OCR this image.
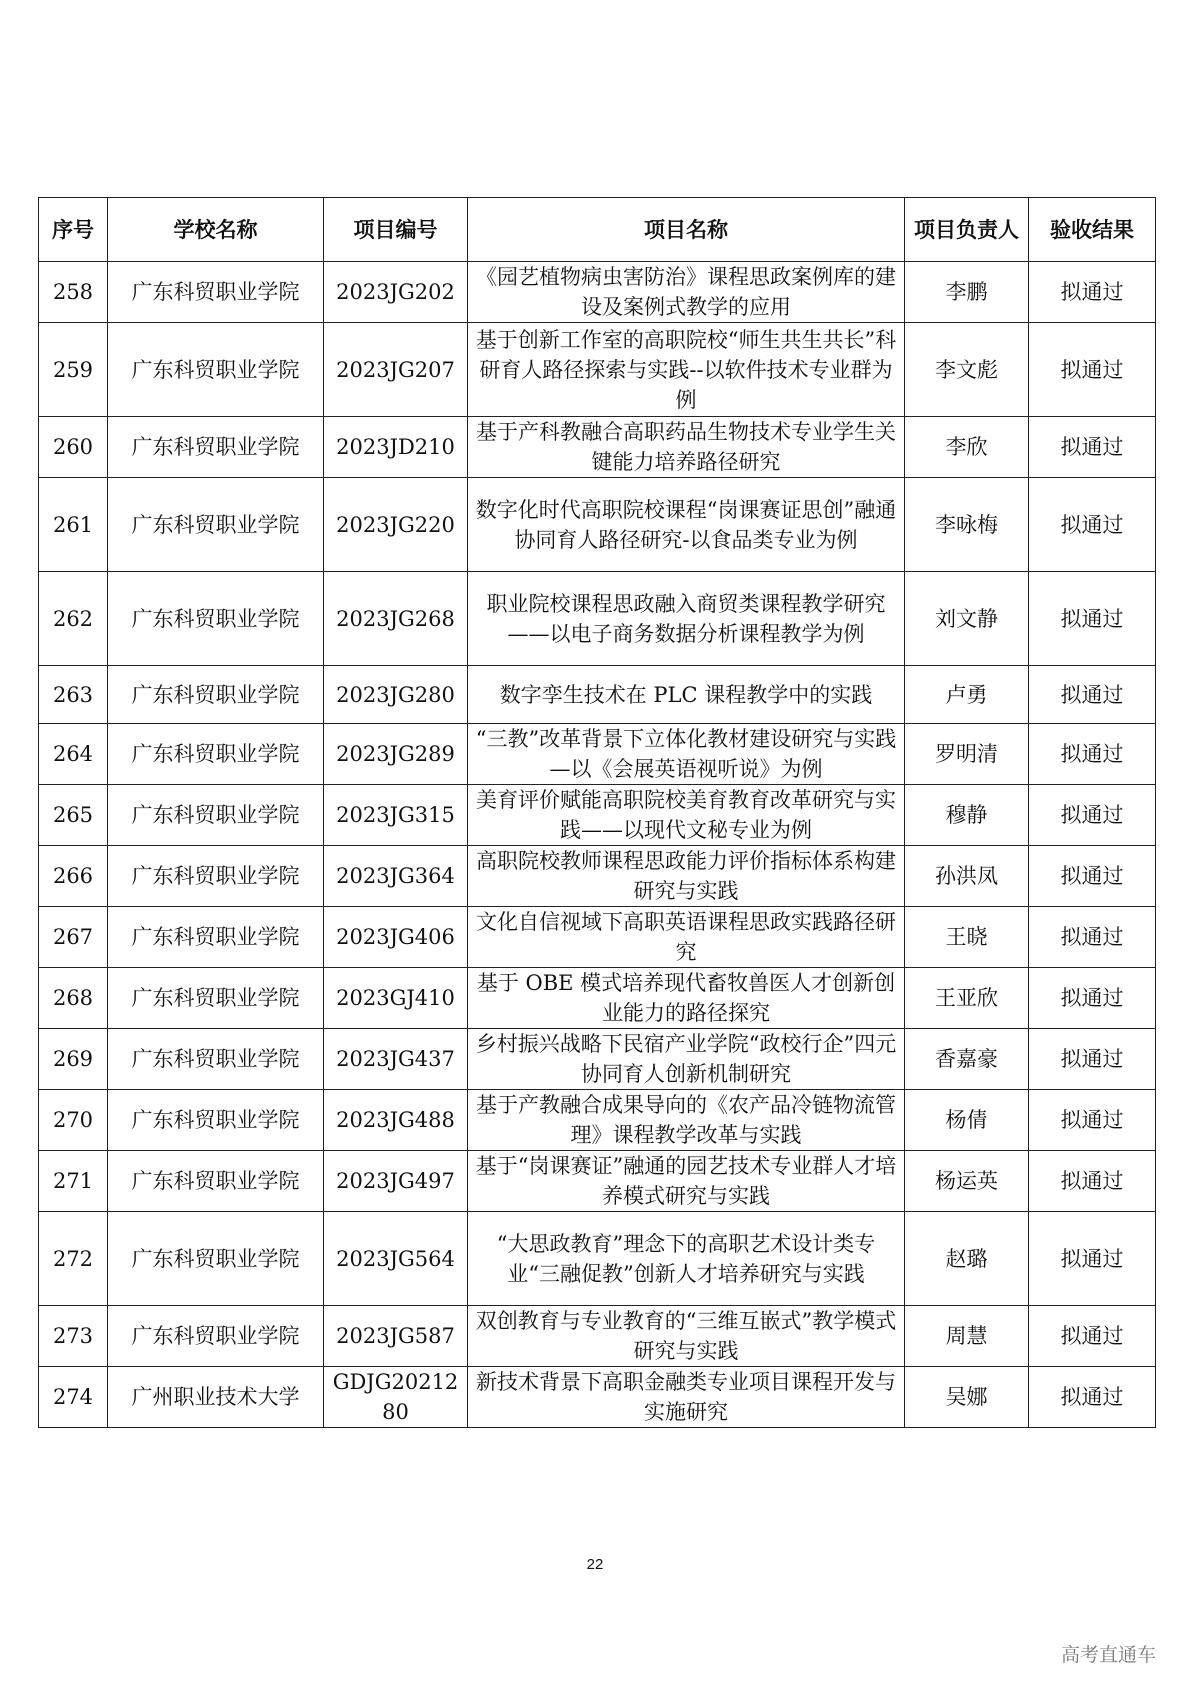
序号	学校名称	项目编号	项目名称	项目负责人	验收结果
258	广东科贸职业学院	2023JG202	《园艺植物病虫害防治》课程思政案例库的建设及案例式教学的应用	李鹏	拟通过
259	广东科贸职业学院	2023JG207	基于创新工作室的高职院校“师生共生共长”科研育人路径探索与实践--以软件技术专业群为例	李文彪	拟通过
260	广东科贸职业学院	2023JD210	基于产科教融合高职药品生物技术专业学生关键能力培养路径研究	李欣	拟通过
261	广东科贸职业学院	2023JG220	数字化时代高职院校课程“岗课赛证思创”融通协同育人路径研究-以食品类专业为例	李咏梅	拟通过
262	广东科贸职业学院	2023JG268	职业院校课程思政融入商贸类课程教学研究——以电子商务数据分析课程教学为例	刘文静	拟通过
263	广东科贸职业学院	2023JG280	数字孪生技术在 PLC 课程教学中的实践	卢勇	拟通过
264	广东科贸职业学院	2023JG289	“三教”改革背景下立体化教材建设研究与实践—以《会展英语视听说》为例	罗明清	拟通过
265	广东科贸职业学院	2023JG315	美育评价赋能高职院校美育教育改革研究与实践——以现代文秘专业为例	穆静	拟通过
266	广东科贸职业学院	2023JG364	高职院校教师课程思政能力评价指标体系构建研究与实践	孙洪凤	拟通过
267	广东科贸职业学院	2023JG406	文化自信视域下高职英语课程思政实践路径研究	王晓	拟通过
268	广东科贸职业学院	2023GJ410	基于 OBE 模式培养现代畜牧兽医人才创新创业能力的路径探究	王亚欣	拟通过
269	广东科贸职业学院	2023JG437	乡村振兴战略下民宿产业学院“政校行企”四元协同育人创新机制研究	香嘉豪	拟通过
270	广东科贸职业学院	2023JG488	基于产教融合成果导向的《农产品冷链物流管理》课程教学改革与实践	杨倩	拟通过
271	广东科贸职业学院	2023JG497	基于“岗课赛证”融通的园艺技术专业群人才培养模式研究与实践	杨运英	拟通过
272	广东科贸职业学院	2023JG564	“大思政教育”理念下的高职艺术设计类专业“三融促教”创新人才培养研究与实践	赵璐	拟通过
273	广东科贸职业学院	2023JG587	双创教育与专业教育的“三维互嵌式”教学模式研究与实践	周慧	拟通过
274	广州职业技术大学	GDJG2021280	新技术背景下高职金融类专业项目课程开发与实施研究	吴娜	拟通过
22
高考直通车
